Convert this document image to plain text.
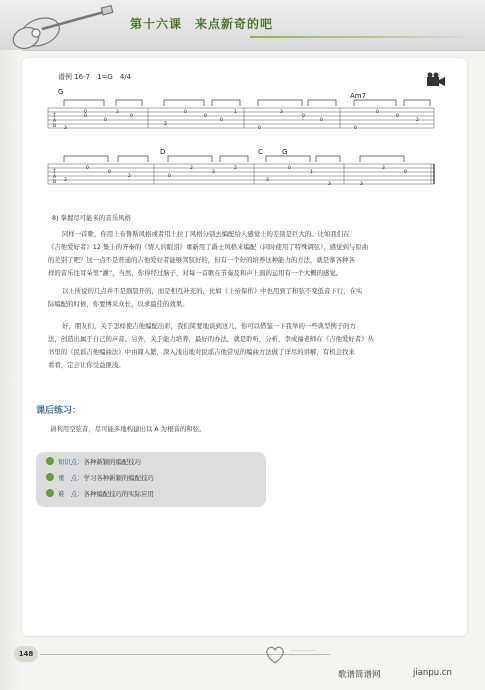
第十六课　来点新奇的吧
谱例 16-7　1=G　4/4
G	Am7
T
A
B 3
0
0
0
3
0
2
0
0
0
1
0
3
0
0
0
0
0
2
D	C	G
T
A
B 2
0
0
2	0
2
3
2
3
0
1
3	3
3
0
8) 掌握尽可能多的音乐风格
同样一首歌，你用上布鲁斯风格或者用上拉丁风格分别去编配给人感觉上的差别是巨大的。比如我们在
《吉他爱好者》12 集上的齐秦的《情人的眼泪》重新用了爵士风格来编配（同时使用了特殊调弦），感觉到与原曲
的差别了吧？这一点不是普通的吉他爱好者能够驾驭好的，但有一个好的培养这种能力的方法，就是拿各种各
样的音乐往耳朵里“灌”，当然，你得经过脑子，对每一首歌在节奏及和声上面的运用有一个大概的感觉。
以上所说的几点并不是割裂开的，而是相互补充的，比如《上帝保佑》中也用到了和弦不变低音下行，在实
际编配的时候，你要博采众长，以求最佳的效果。
好，朋友们，关于怎样使吉他编配出彩，我们简要地谈到这儿，你可以借鉴一下我举的一些典型例子的方
法，创造出属于自己的声音。另外，关于能力培养，最好的办法，就是聆听，分析，李成福老师在《吉他爱好者》丛
书里的《民谣吉他编曲法》中由简入繁，深入浅出地对民谣吉他常见的编曲方法做了详尽的讲解，有机会找来
看看，定会让你受益匪浅。
课后练习：
请利用空弦音，尽可能多地构建出以 A 为根音的和弦。
知识点：各种新颖的编配技巧
重　点：学习各种新颖的编配技巧
难　点：各种编配技巧的实际应用
148	───────────
歌谱简谱网	jianpu.cn
